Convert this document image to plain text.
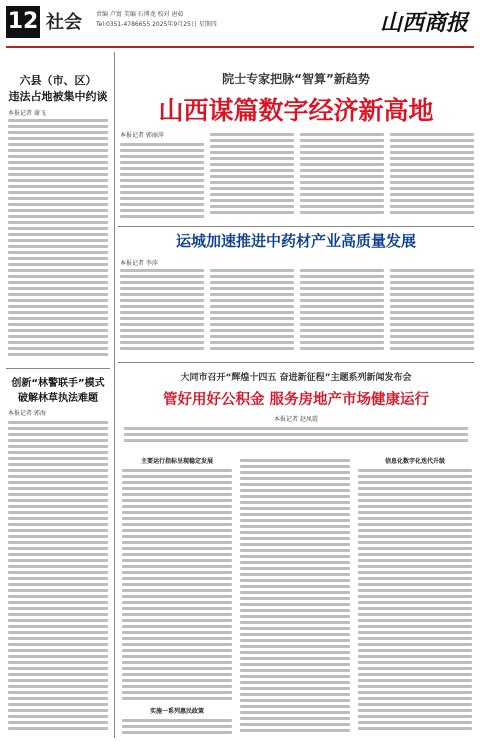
12 社会 责编 卢富 美编 石博龙 校对 唐茹
Tel:0351-4786655 2025年9月25日 星期四	山西商报
六县（市、区）
违法占地被集中约谈
本报记者 谢飞
创新“林警联手”模式
破解林草执法难题
本报记者 郭海
院士专家把脉“智算”新趋势
山西谋篇数字经济新高地
本报记者 郭丽萍
运城加速推进中药材产业高质量发展
本报记者 李萍
大同市召开“辉煌十四五 奋进新征程”主题系列新闻发布会
管好用好公积金 服务房地产市场健康运行
本报记者 赵凤霞
主要运行指标呈现稳定发展
实施一系列惠民政策
信息化数字化迭代升级
